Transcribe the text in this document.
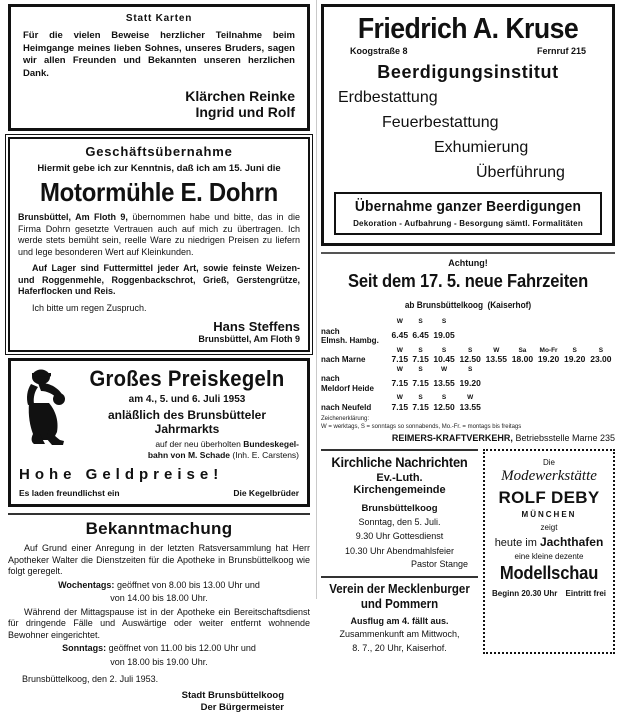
Statt Karten
Für die vielen Beweise herzlicher Teilnahme beim Heimgange meines lieben Sohnes, unseres Bruders, sagen wir allen Freunden und Bekannten unseren herzlichen Dank.
Klärchen Reinke
Ingrid und Rolf
Geschäftsübernahme
Hiermit gebe ich zur Kenntnis, daß ich am 15. Juni die
Motormühle E. Dohrn

Brunsbüttel, Am Floth 9, übernommen habe und bitte, das in die Firma Dohrn gesetzte Vertrauen auch auf mich zu übertragen. Ich werde stets bemüht sein, reelle Ware zu niedrigen Preisen zu liefern und lege besonderen Wert auf Kleinkunden.

Auf Lager sind Futtermittel jeder Art, sowie feinste Weizen- und Roggenmehle, Roggenbackschrot, Grieß, Gerstengrütze, Haferflocken und Reis.

Ich bitte um regen Zuspruch.

Hans Steffens
Brunsbüttel, Am Floth 9
Großes Preiskegeln
am 4., 5. und 6. Juli 1953
anläßlich des Brunsbütteler Jahrmarkts
auf der neu überholten Bundeskegel-
bahn von M. Schade (Inh. E. Carstens)
Hohe Geldpreise!
Es laden freundlichst ein	Die Kegelbrüder
Bekanntmachung

Auf Grund einer Anregung in der letzten Ratsversammlung hat Herr Apotheker Walter die Dienstzeiten für die Apotheke in Brunsbüttelkoog wie folgt geregelt.

Wochentags: geöffnet von 8.00 bis 13.00 Uhr und

von 14.00 bis 18.00 Uhr.

Während der Mittagspause ist in der Apotheke ein Bereitschaftsdienst für dringende Fälle und Auswärtige oder weiter entfernt wohnende Bewohner eingerichtet.

Sonntags: geöffnet von 11.00 bis 12.00 Uhr und

von 18.00 bis 19.00 Uhr.

Brunsbüttelkoog, den 2. Juli 1953.

Stadt Brunsbüttelkoog
Der Bürgermeister
Friedrich A. Kruse
Koogstraße 8	Fernruf 215
Beerdigungsinstitut
Erdbestattung
Feuerbestattung
Exhumierung
Überführung
Übernahme ganzer Beerdigungen
Dekoration - Aufbahrung - Besorgung sämtl. Formalitäten
Achtung!
Seit dem 17. 5. neue Fahrzeiten
ab Brunsbüttelkoog (Kaiserhof)
	W	S	S						
nach
Elmsh. Hambg.	6.45	6.45	19.05						
	W	S	S	S	W	Sa	Mo-Fr	S	S
nach Marne	7.15	7.15	10.45	12.50	13.55	18.00	19.20	19.20	23.00
	W	S	W	S					
nach
Meldorf Heide	7.15	7.15	13.55	19.20					
	W	S	S	W					
nach Neufeld	7.15	7.15	12.50	13.55					
Zeichenerklärung:
W = werktags, S = sonntags so sonnabends, Mo.-Fr. = montags bis freitags
REIMERS-KRAFTVERKEHR, Betriebsstelle Marne 235
Kirchliche Nachrichten
Ev.-Luth.
Kirchengemeinde
Brunsbüttelkoog
Sonntag, den 5. Juli.
9.30 Uhr Gottesdienst
10.30 Uhr Abendmahlsfeier
Pastor Stange
Verein der Mecklenburger
und Pommern
Ausflug am 4. fällt aus.
Zusammenkunft am Mittwoch,
8. 7., 20 Uhr, Kaiserhof.
Die
Modewerkstätte
ROLF DEBY
MÜNCHEN
zeigt
heute im Jachthafen
eine kleine dezente
Modellschau
Beginn 20.30 Uhr Eintritt frei
